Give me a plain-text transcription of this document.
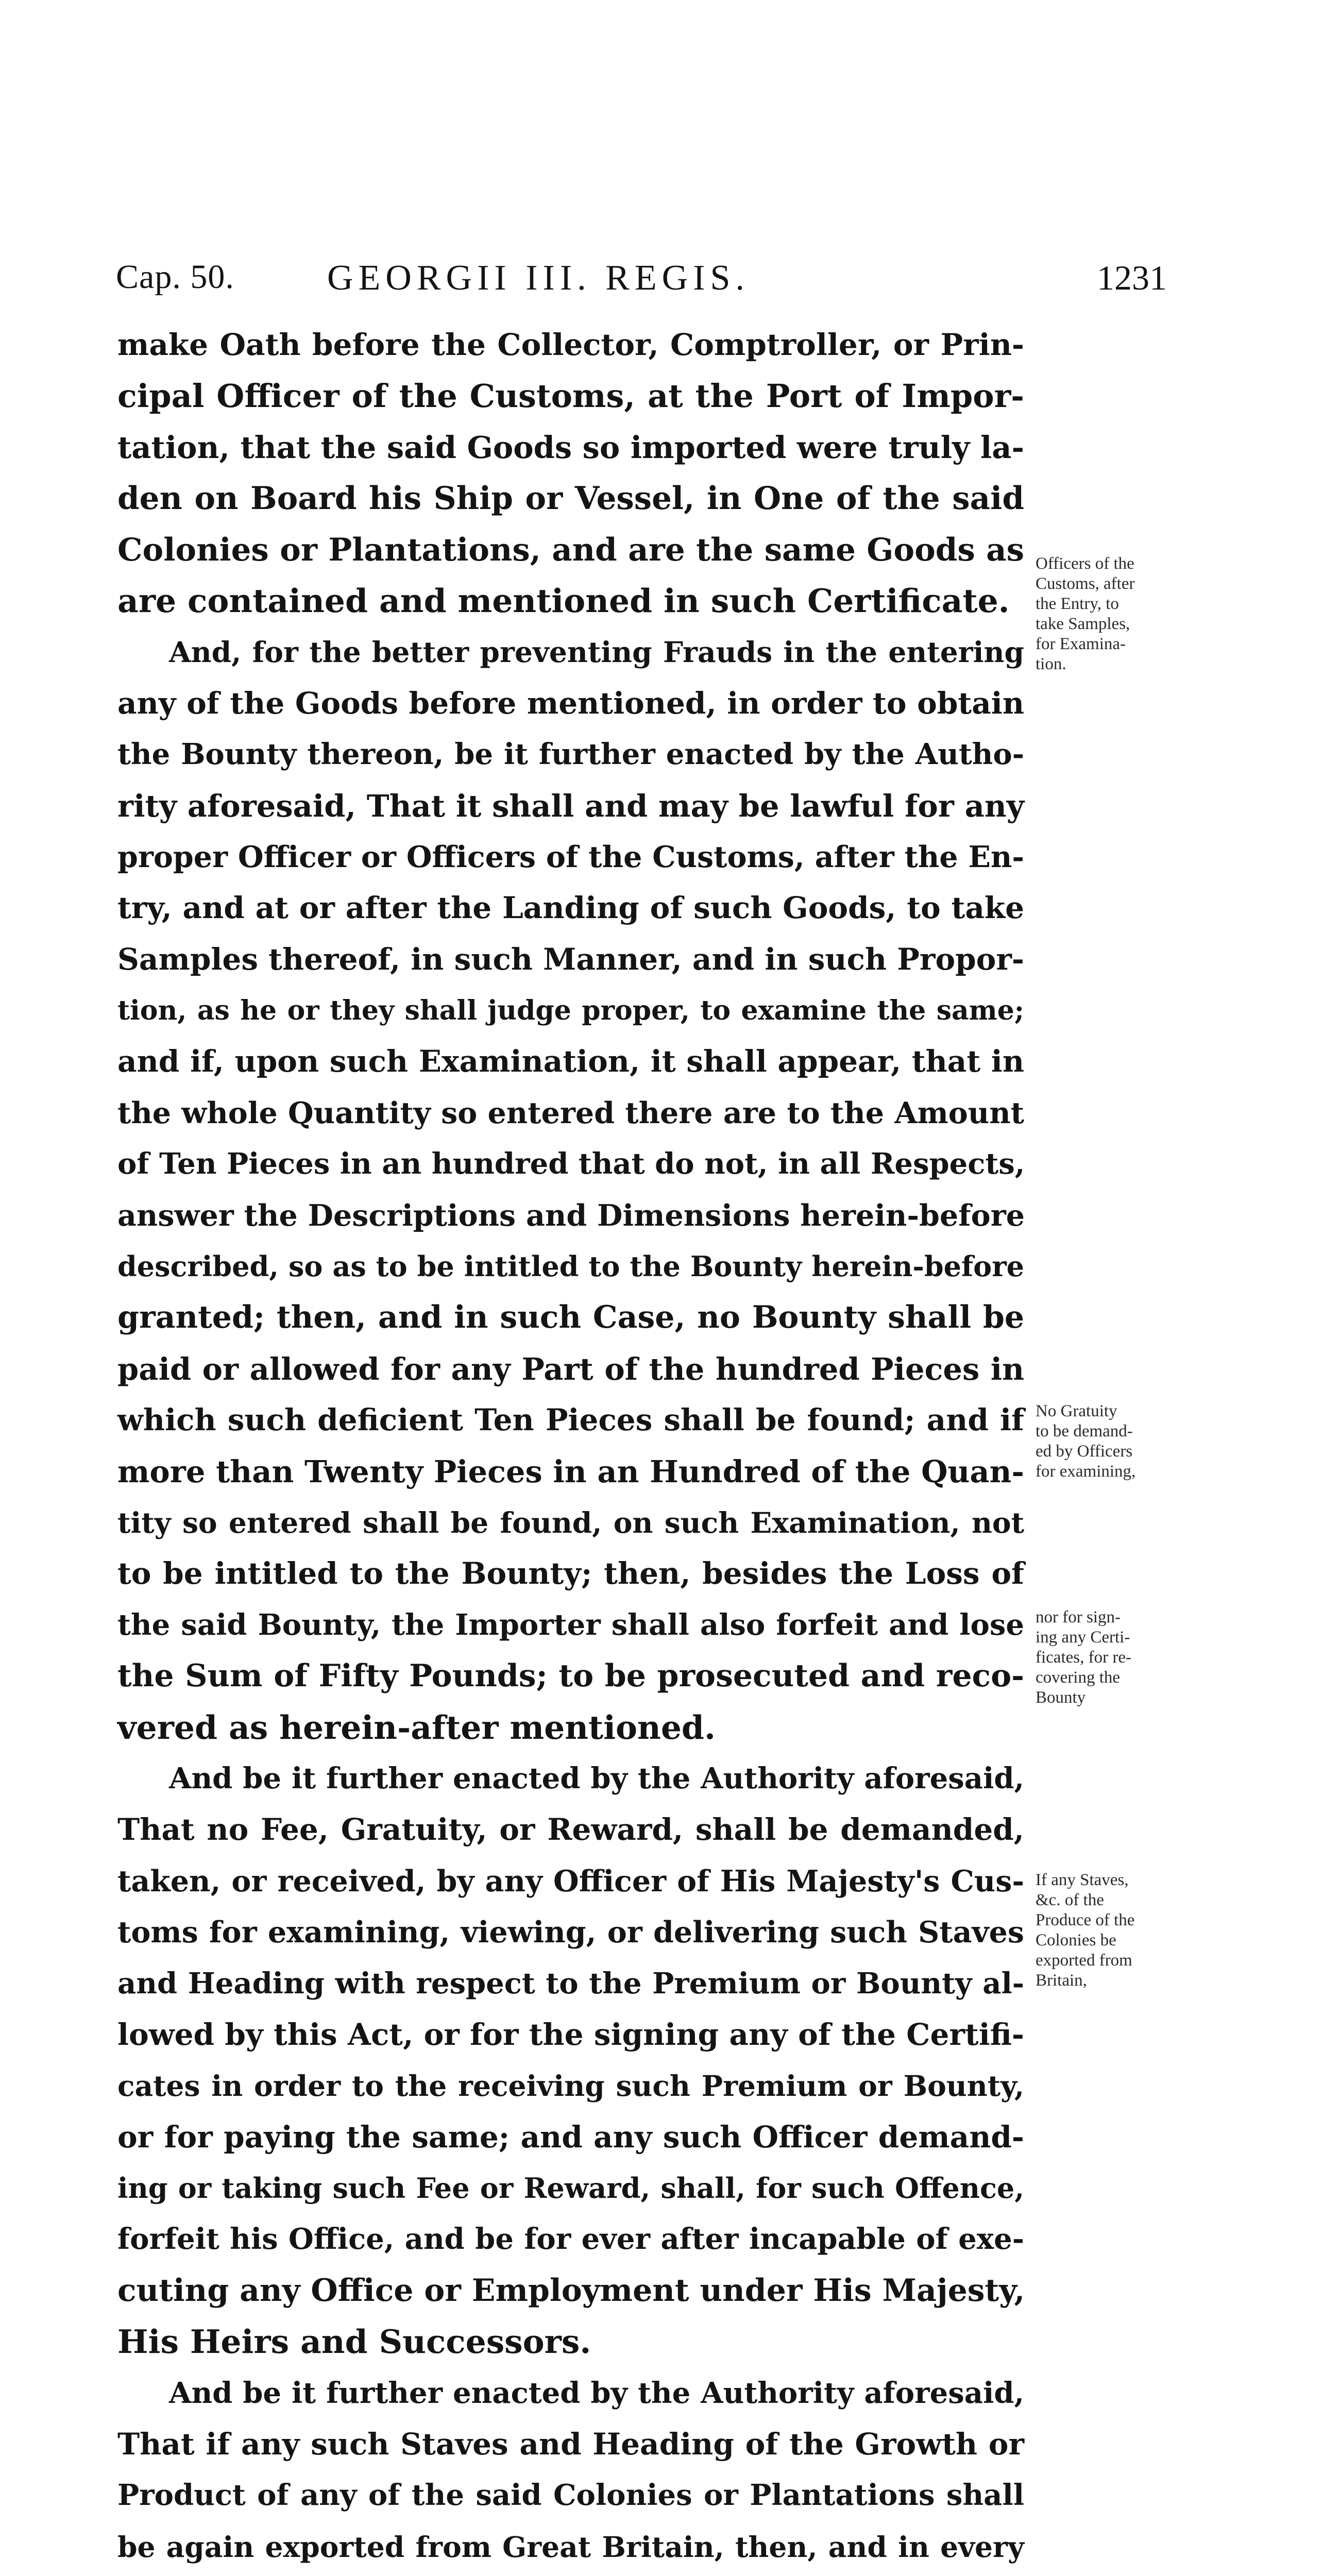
Cap. 50.	GEORGII III. REGIS.	1231
make Oath before the Collector, Comptroller, or Prin-
cipal Officer of the Customs, at the Port of Impor-
tation, that the said Goods so imported were truly la-
den on Board his Ship or Vessel, in One of the said
Colonies or Plantations, and are the same Goods as
are contained and mentioned in such Certificate.
And, for the better preventing Frauds in the entering
any of the Goods before mentioned, in order to obtain
the Bounty thereon, be it further enacted by the Autho-
rity aforesaid, That it shall and may be lawful for any
proper Officer or Officers of the Customs, after the En-
try, and at or after the Landing of such Goods, to take
Samples thereof, in such Manner, and in such Propor-
tion, as he or they shall judge proper, to examine the same;
and if, upon such Examination, it shall appear, that in
the whole Quantity so entered there are to the Amount
of Ten Pieces in an hundred that do not, in all Respects,
answer the Descriptions and Dimensions herein-before
described, so as to be intitled to the Bounty herein-before
granted; then, and in such Case, no Bounty shall be
paid or allowed for any Part of the hundred Pieces in
which such deficient Ten Pieces shall be found; and if
more than Twenty Pieces in an Hundred of the Quan-
tity so entered shall be found, on such Examination, not
to be intitled to the Bounty; then, besides the Loss of
the said Bounty, the Importer shall also forfeit and lose
the Sum of Fifty Pounds; to be prosecuted and reco-
vered as herein-after mentioned.
And be it further enacted by the Authority aforesaid,
That no Fee, Gratuity, or Reward, shall be demanded,
taken, or received, by any Officer of His Majesty's Cus-
toms for examining, viewing, or delivering such Staves
and Heading with respect to the Premium or Bounty al-
lowed by this Act, or for the signing any of the Certifi-
cates in order to the receiving such Premium or Bounty,
or for paying the same; and any such Officer demand-
ing or taking such Fee or Reward, shall, for such Offence,
forfeit his Office, and be for ever after incapable of exe-
cuting any Office or Employment under His Majesty,
His Heirs and Successors.
And be it further enacted by the Authority aforesaid,
That if any such Staves and Heading of the Growth or
Product of any of the said Colonies or Plantations shall
be again exported from Great Britain, then, and in every
Officers of the
Customs, after
the Entry, to
take Samples,
for Examina-
tion.
No Gratuity
to be demand-
ed by Officers
for examining,
nor for sign-
ing any Certi-
ficates, for re-
covering the
Bounty
If any Staves,
&c. of the
Produce of the
Colonies be
exported from
Britain,
